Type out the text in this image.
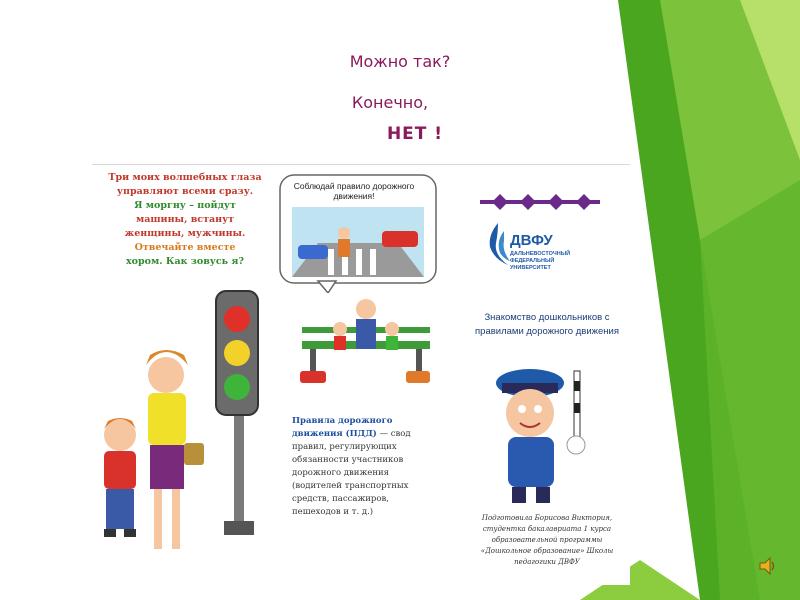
Можно так?
Конечно,
НЕТ !
Три моих волшебных глаза
управляют всеми сразу.
Я моргну – пойдут
машины, встанут
женщины, мужчины.
Отвечайте вместе
хором. Как зовусь я?
Соблюдай правило дорожного движения!
Правила дорожного движения (ПДД) — свод правил, регулирующих обязанности участников дорожного движения (водителей транспортных средств, пассажиров, пешеходов и т. д.)
ДВФУ
ДАЛЬНЕВОСТОЧНЫЙ
ФЕДЕРАЛЬНЫЙ
УНИВЕРСИТЕТ
Знакомство дошкольников с правилами дорожного движения
Подготовила Борисова Виктория, студентка бакалавриата 1 курса образовательной программы «Дошкольное образование» Школы педагогики ДВФУ
